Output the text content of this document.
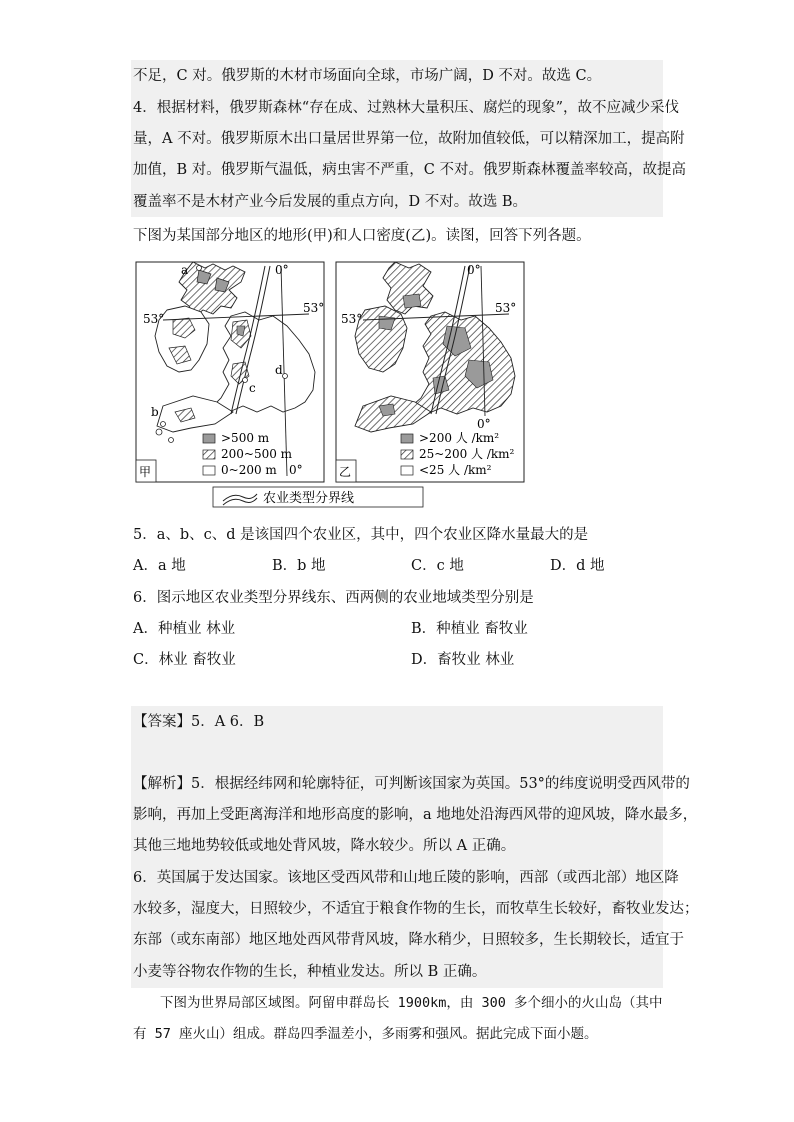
不足，C 对。俄罗斯的木材市场面向全球，市场广阔，D 不对。故选 C。
4．根据材料，俄罗斯森林“存在成、过熟林大量积压、腐烂的现象”，故不应减少采伐
量，A 不对。俄罗斯原木出口量居世界第一位，故附加值较低，可以精深加工，提高附
加值，B 对。俄罗斯气温低，病虫害不严重，C 不对。俄罗斯森林覆盖率较高，故提高
覆盖率不是木材产业今后发展的重点方向，D 不对。故选 B。
下图为某国部分地区的地形(甲)和人口密度(乙)。读图，回答下列各题。
a
b
c
d
53°
53°
0°
>500 m
200~500 m
0~200 m 0°
甲
53°
53°
0°
0°
>200 人 /km²
25~200 人 /km²
<25 人 /km²
乙
农业类型分界线
5．a、b、c、d 是该国四个农业区，其中，四个农业区降水量最大的是
A．a 地	B．b 地	C．c 地	D．d 地
6．图示地区农业类型分界线东、西两侧的农业地域类型分别是
A．种植业 林业	B．种植业 畜牧业
C．林业 畜牧业	D．畜牧业 林业
【答案】5．A 6．B
【解析】5．根据经纬网和轮廓特征，可判断该国家为英国。53°的纬度说明受西风带的
影响，再加上受距离海洋和地形高度的影响，a 地地处沿海西风带的迎风坡，降水最多，
其他三地地势较低或地处背风坡，降水较少。所以 A 正确。
6．英国属于发达国家。该地区受西风带和山地丘陵的影响，西部（或西北部）地区降
水较多，湿度大，日照较少，不适宜于粮食作物的生长，而牧草生长较好，畜牧业发达；
东部（或东南部）地区地处西风带背风坡，降水稍少，日照较多，生长期较长，适宜于
小麦等谷物农作物的生长，种植业发达。所以 B 正确。
下图为世界局部区域图。阿留申群岛长 1900km，由 300 多个细小的火山岛（其中
有 57 座火山）组成。群岛四季温差小，多雨雾和强风。据此完成下面小题。
